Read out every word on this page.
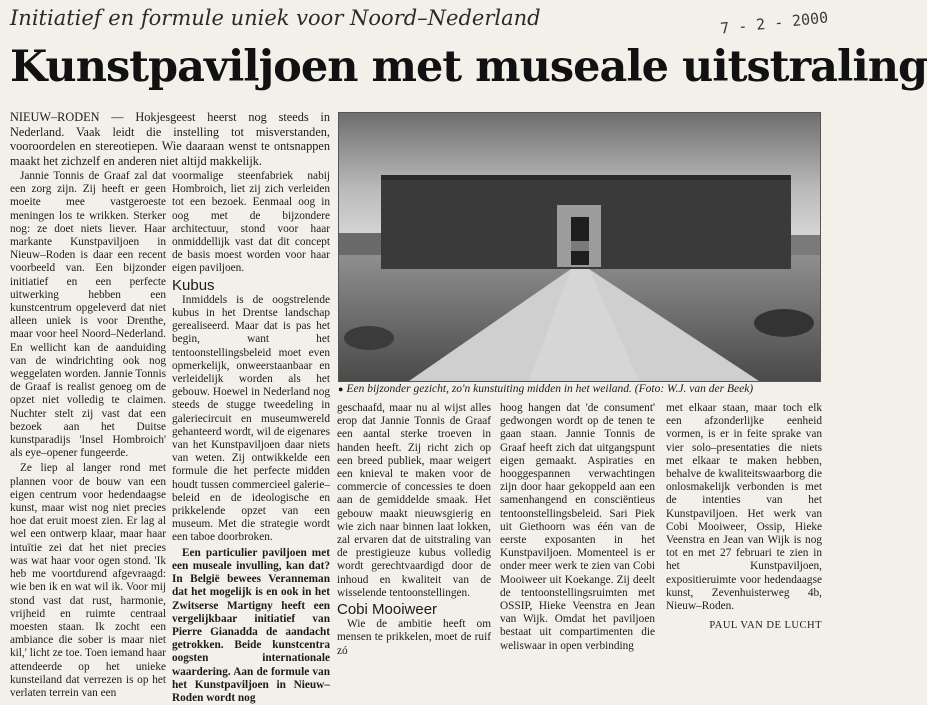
Initiatief en formule uniek voor Noord–Nederland	7 - 2 - 2000
Kunstpaviljoen met museale uitstraling

NIEUW–RODEN — Hokjesgeest heerst nog steeds in Nederland. Vaak leidt die instelling tot misverstanden, vooroordelen en stereotiepen. Wie daaraan wenst te ontsnappen maakt het zichzelf en anderen niet altijd makkelijk.

Jannie Tonnis de Graaf zal dat een zorg zijn. Zij heeft er geen moeite mee vastgeroeste meningen los te wrikken. Sterker nog: ze doet niets liever. Haar markante Kunstpaviljoen in Nieuw–Roden is daar een recent voorbeeld van. Een bijzonder initiatief en een perfecte uitwerking hebben een kunstcentrum opgeleverd dat niet alleen uniek is voor Drenthe, maar voor heel Noord–Nederland. En wellicht kan de aanduiding van de windrichting ook nog weggelaten worden. Jannie Tonnis de Graaf is realist genoeg om de opzet niet volledig te claimen. Nuchter stelt zij vast dat een bezoek aan het Duitse kunstparadijs 'Insel Hombroich' als eye–opener fungeerde.

Ze liep al langer rond met plannen voor de bouw van een eigen centrum voor hedendaagse kunst, maar wist nog niet precies hoe dat eruit moest zien. Er lag al wel een ontwerp klaar, maar haar intuïtie zei dat het niet precies was wat haar voor ogen stond. 'Ik heb me voortdurend afgevraagd: wie ben ik en wat wil ik. Voor mij stond vast dat rust, harmonie, vrijheid en ruimte centraal moesten staan. Ik zocht een ambiance die sober is maar niet kil,' licht ze toe. Toen iemand haar attendeerde op het unieke kunsteiland dat verrezen is op het verlaten terrein van een

voormalige steenfabriek nabij Hombroich, liet zij zich verleiden tot een bezoek. Eenmaal oog in oog met de bijzondere architectuur, stond voor haar onmiddellijk vast dat dit concept de basis moest worden voor haar eigen paviljoen.

Kubus

Inmiddels is de oogstrelende kubus in het Drentse landschap gerealiseerd. Maar dat is pas het begin, want het tentoonstellingsbeleid moet even opmerkelijk, onweerstaanbaar en verleidelijk worden als het gebouw. Hoewel in Nederland nog steeds de stugge tweedeling in galeriecircuit en museumwereld gehanteerd wordt, wil de eigenares van het Kunstpaviljoen daar niets van weten. Zij ontwikkelde een formule die het perfecte midden houdt tussen commercieel galerie–beleid en de ideologische en prikkelende opzet van een museum. Met die strategie wordt een taboe doorbroken.

Een particulier paviljoen met een museale invulling, kan dat? In België bewees Veranneman dat het mogelijk is en ook in het Zwitserse Martigny heeft een vergelijkbaar initiatief van Pierre Gianadda de aandacht getrokken. Beide kunstcentra oogsten internationale waardering. Aan de formule van het Kunstpaviljoen in Nieuw–Roden wordt nog

● Een bijzonder gezicht, zo'n kunstuiting midden in het weiland. (Foto: W.J. van der Beek)

geschaafd, maar nu al wijst alles erop dat Jannie Tonnis de Graaf een aantal sterke troeven in handen heeft. Zij richt zich op een breed publiek, maar weigert een knieval te maken voor de commercie of concessies te doen aan de gemiddelde smaak. Het gebouw maakt nieuwsgierig en wie zich naar binnen laat lokken, zal ervaren dat de uitstraling van de prestigieuze kubus volledig wordt gerechtvaardigd door de inhoud en kwaliteit van de wisselende tentoonstellingen.

Cobi Mooiweer

Wie de ambitie heeft om mensen te prikkelen, moet de ruif zó

hoog hangen dat 'de consument' gedwongen wordt op de tenen te gaan staan. Jannie Tonnis de Graaf heeft zich dat uitgangspunt eigen gemaakt. Aspiraties en hooggespannen verwachtingen zijn door haar gekoppeld aan een samenhangend en consciëntieus tentoonstellingsbeleid. Sari Piek uit Giethoorn was één van de eerste exposanten in het Kunstpaviljoen. Momenteel is er onder meer werk te zien van Cobi Mooiweer uit Koekange. Zij deelt de tentoonstellingsruimten met OSSIP, Hieke Veenstra en Jean van Wijk. Omdat het paviljoen bestaat uit compartimenten die weliswaar in open verbinding

met elkaar staan, maar toch elk een afzonderlijke eenheid vormen, is er in feite sprake van vier solo–presentaties die niets met elkaar te maken hebben, behalve de kwaliteitswaarborg die onlosmakelijk verbonden is met de intenties van het Kunstpaviljoen. Het werk van Cobi Mooiweer, Ossip, Hieke Veenstra en Jean van Wijk is nog tot en met 27 februari te zien in het Kunstpaviljoen, expositieruimte voor hedendaagse kunst, Zevenhuisterweg 4b, Nieuw–Roden.

PAUL VAN DE LUCHT
